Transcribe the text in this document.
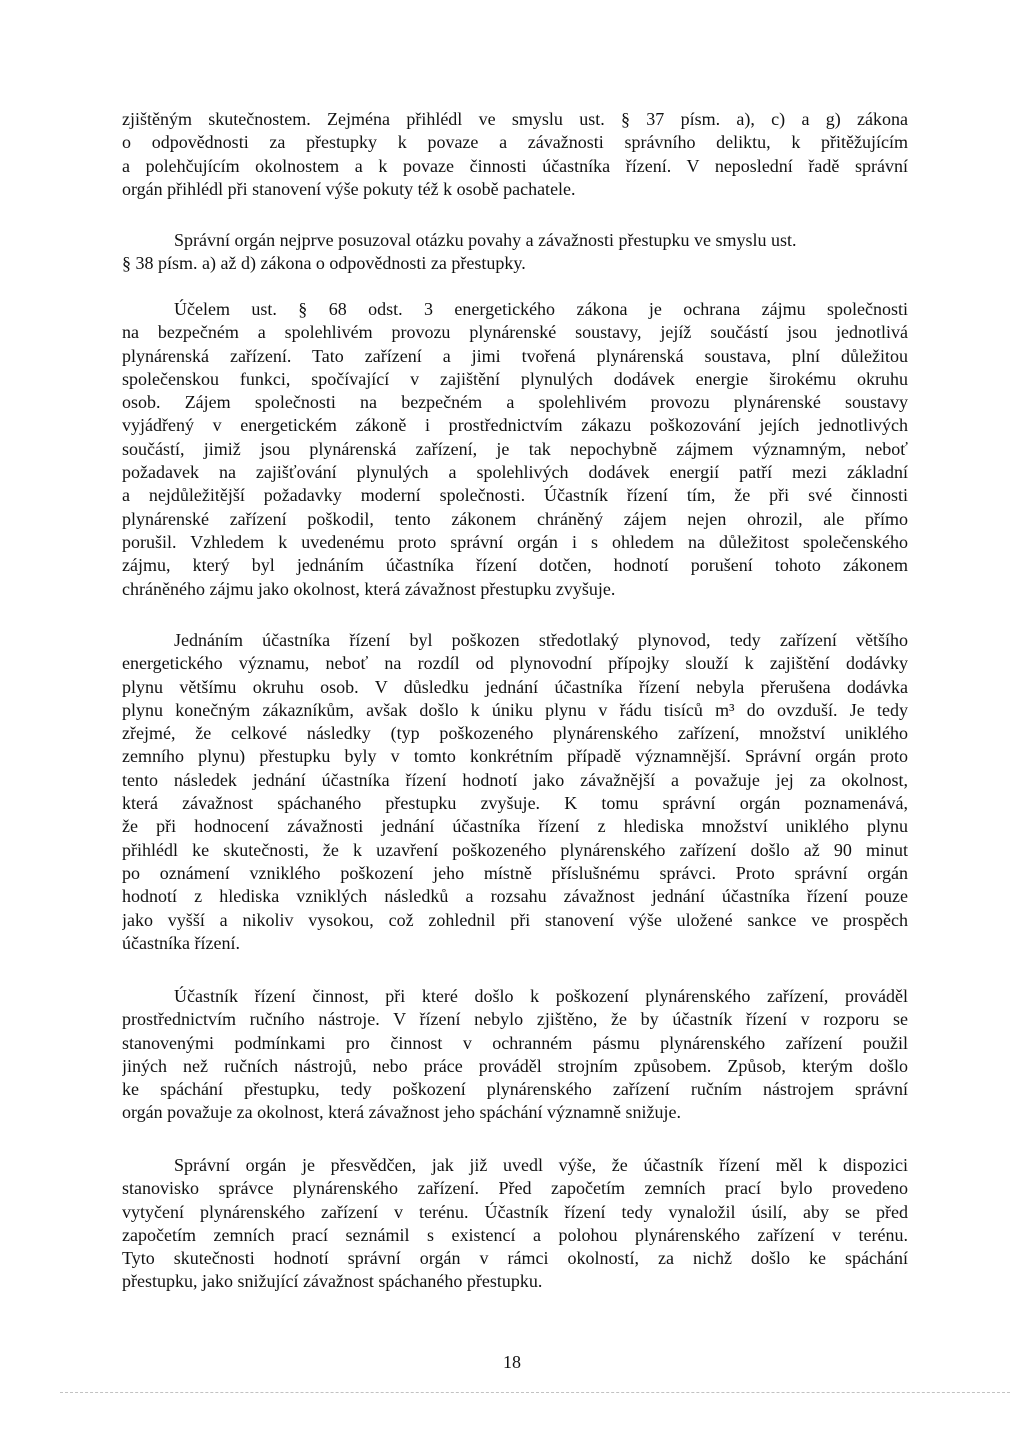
zjištěným skutečnostem. Zejména přihlédl ve smyslu ust. § 37 písm. a), c) a g) zákona
o odpovědnosti za přestupky k povaze a závažnosti správního deliktu, k přitěžujícím
a polehčujícím okolnostem a k povaze činnosti účastníka řízení. V neposlední řadě správní
orgán přihlédl při stanovení výše pokuty též k osobě pachatele.
Správní orgán nejprve posuzoval otázku povahy a závažnosti přestupku ve smyslu ust.
§ 38 písm. a) až d) zákona o odpovědnosti za přestupky.
Účelem ust. § 68 odst. 3 energetického zákona je ochrana zájmu společnosti
na bezpečném a spolehlivém provozu plynárenské soustavy, jejíž součástí jsou jednotlivá
plynárenská zařízení. Tato zařízení a jimi tvořená plynárenská soustava, plní důležitou
společenskou funkci, spočívající v zajištění plynulých dodávek energie širokému okruhu
osob. Zájem společnosti na bezpečném a spolehlivém provozu plynárenské soustavy
vyjádřený v energetickém zákoně i prostřednictvím zákazu poškozování jejích jednotlivých
součástí, jimiž jsou plynárenská zařízení, je tak nepochybně zájmem významným, neboť
požadavek na zajišťování plynulých a spolehlivých dodávek energií patří mezi základní
a nejdůležitější požadavky moderní společnosti. Účastník řízení tím, že při své činnosti
plynárenské zařízení poškodil, tento zákonem chráněný zájem nejen ohrozil, ale přímo
porušil. Vzhledem k uvedenému proto správní orgán i s ohledem na důležitost společenského
zájmu, který byl jednáním účastníka řízení dotčen, hodnotí porušení tohoto zákonem
chráněného zájmu jako okolnost, která závažnost přestupku zvyšuje.
Jednáním účastníka řízení byl poškozen středotlaký plynovod, tedy zařízení většího
energetického významu, neboť na rozdíl od plynovodní přípojky slouží k zajištění dodávky
plynu většímu okruhu osob. V důsledku jednání účastníka řízení nebyla přerušena dodávka
plynu konečným zákazníkům, avšak došlo k úniku plynu v řádu tisíců m³ do ovzduší. Je tedy
zřejmé, že celkové následky (typ poškozeného plynárenského zařízení, množství uniklého
zemního plynu) přestupku byly v tomto konkrétním případě významnější. Správní orgán proto
tento následek jednání účastníka řízení hodnotí jako závažnější a považuje jej za okolnost,
která závažnost spáchaného přestupku zvyšuje. K tomu správní orgán poznamenává,
že při hodnocení závažnosti jednání účastníka řízení z hlediska množství uniklého plynu
přihlédl ke skutečnosti, že k uzavření poškozeného plynárenského zařízení došlo až 90 minut
po oznámení vzniklého poškození jeho místně příslušnému správci. Proto správní orgán
hodnotí z hlediska vzniklých následků a rozsahu závažnost jednání účastníka řízení pouze
jako vyšší a nikoliv vysokou, což zohlednil při stanovení výše uložené sankce ve prospěch
účastníka řízení.
Účastník řízení činnost, při které došlo k poškození plynárenského zařízení, prováděl
prostřednictvím ručního nástroje. V řízení nebylo zjištěno, že by účastník řízení v rozporu se
stanovenými podmínkami pro činnost v ochranném pásmu plynárenského zařízení použil
jiných než ručních nástrojů, nebo práce prováděl strojním způsobem. Způsob, kterým došlo
ke spáchání přestupku, tedy poškození plynárenského zařízení ručním nástrojem správní
orgán považuje za okolnost, která závažnost jeho spáchání významně snižuje.
Správní orgán je přesvědčen, jak již uvedl výše, že účastník řízení měl k dispozici
stanovisko správce plynárenského zařízení. Před započetím zemních prací bylo provedeno
vytyčení plynárenského zařízení v terénu. Účastník řízení tedy vynaložil úsilí, aby se před
započetím zemních prací seznámil s existencí a polohou plynárenského zařízení v terénu.
Tyto skutečnosti hodnotí správní orgán v rámci okolností, za nichž došlo ke spáchání
přestupku, jako snižující závažnost spáchaného přestupku.
18
